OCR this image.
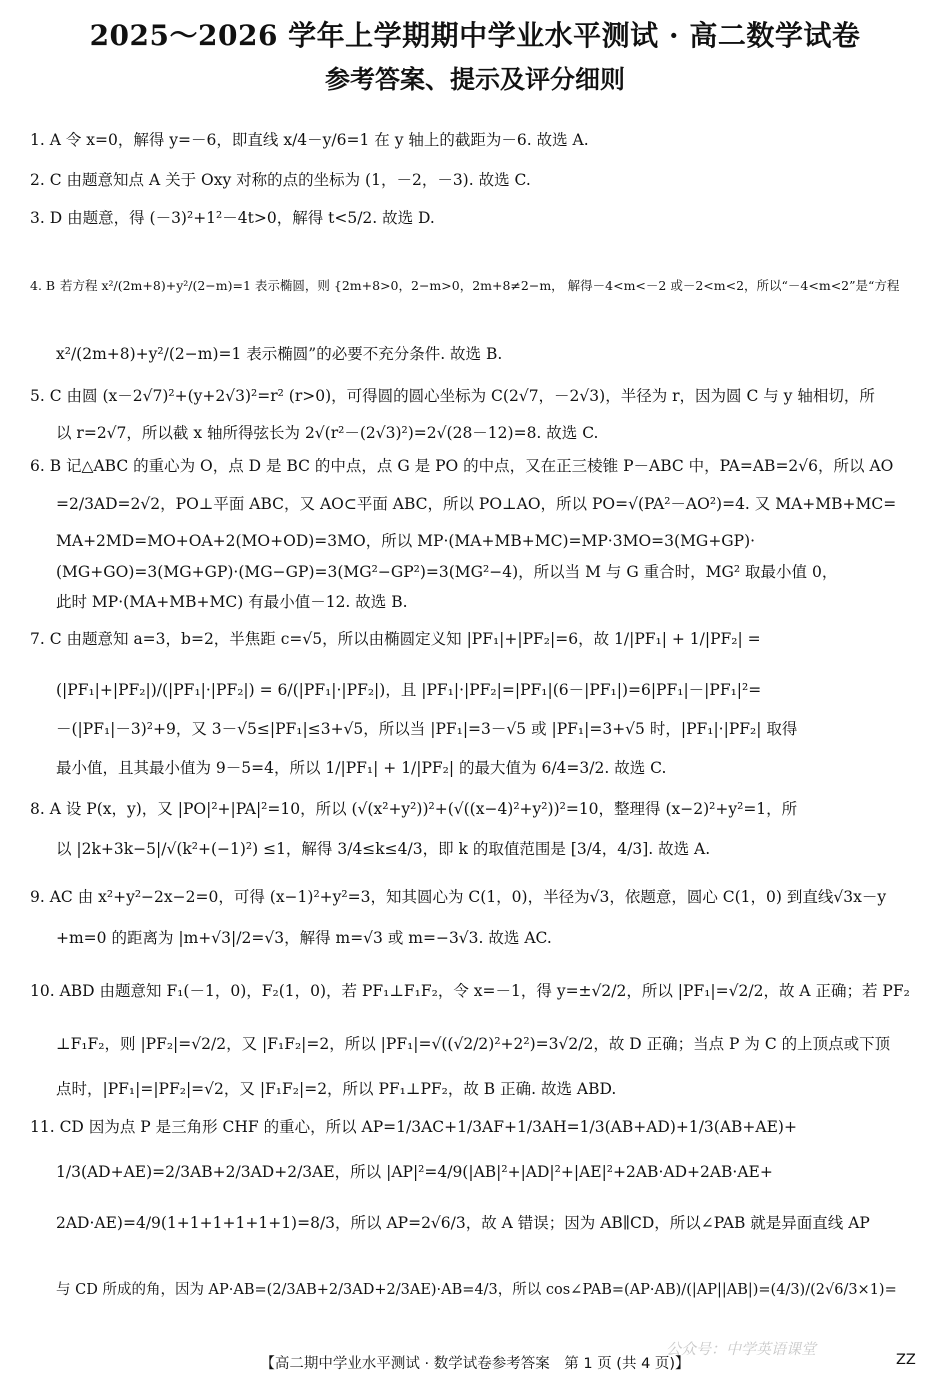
2025～2026 学年上学期期中学业水平测试 · 高二数学试卷
参考答案、提示及评分细则
1. A 令 x=0，解得 y=－6，即直线 x/4－y/6=1 在 y 轴上的截距为－6. 故选 A.
2. C 由题意知点 A 关于 Oxy 对称的点的坐标为 (1，－2，－3). 故选 C.
3. D 由题意，得 (－3)²+1²－4t>0，解得 t<5/2. 故选 D.
4. B 若方程 x²/(2m+8)+y²/(2−m)=1 表示椭圆，则 {2m+8>0，2−m>0，2m+8≠2−m， 解得－4<m<－2 或－2<m<2，所以“－4<m<2”是“方程
x²/(2m+8)+y²/(2−m)=1 表示椭圆”的必要不充分条件. 故选 B.
5. C 由圆 (x－2√7)²+(y+2√3)²=r² (r>0)，可得圆的圆心坐标为 C(2√7，－2√3)，半径为 r，因为圆 C 与 y 轴相切，所
以 r=2√7，所以截 x 轴所得弦长为 2√(r²－(2√3)²)=2√(28－12)=8. 故选 C.
6. B 记△ABC 的重心为 O，点 D 是 BC 的中点，点 G 是 PO 的中点，又在正三棱锥 P－ABC 中，PA=AB=2√6，所以 AO
=2/3AD=2√2，PO⊥平面 ABC，又 AO⊂平面 ABC，所以 PO⊥AO，所以 PO=√(PA²－AO²)=4. 又 MA+MB+MC=
MA+2MD=MO+OA+2(MO+OD)=3MO，所以 MP·(MA+MB+MC)=MP·3MO=3(MG+GP)·
(MG+GO)=3(MG+GP)·(MG−GP)=3(MG²−GP²)=3(MG²−4)，所以当 M 与 G 重合时，MG² 取最小值 0，
此时 MP·(MA+MB+MC) 有最小值－12. 故选 B.
7. C 由题意知 a=3，b=2，半焦距 c=√5，所以由椭圆定义知 |PF₁|+|PF₂|=6，故 1/|PF₁| + 1/|PF₂| =
(|PF₁|+|PF₂|)/(|PF₁|·|PF₂|) = 6/(|PF₁|·|PF₂|)，且 |PF₁|·|PF₂|=|PF₁|(6－|PF₁|)=6|PF₁|－|PF₁|²=
－(|PF₁|－3)²+9，又 3－√5≤|PF₁|≤3+√5，所以当 |PF₁|=3－√5 或 |PF₁|=3+√5 时，|PF₁|·|PF₂| 取得
最小值，且其最小值为 9－5=4，所以 1/|PF₁| + 1/|PF₂| 的最大值为 6/4=3/2. 故选 C.
8. A 设 P(x，y)，又 |PO|²+|PA|²=10，所以 (√(x²+y²))²+(√((x−4)²+y²))²=10，整理得 (x−2)²+y²=1，所
以 |2k+3k−5|/√(k²+(−1)²) ≤1，解得 3/4≤k≤4/3，即 k 的取值范围是 [3/4，4/3]. 故选 A.
9. AC 由 x²+y²−2x−2=0，可得 (x−1)²+y²=3，知其圆心为 C(1，0)，半径为√3，依题意，圆心 C(1，0) 到直线√3x－y
+m=0 的距离为 |m+√3|/2=√3，解得 m=√3 或 m=−3√3. 故选 AC.
10. ABD 由题意知 F₁(－1，0)，F₂(1，0)，若 PF₁⊥F₁F₂，令 x=－1，得 y=±√2/2，所以 |PF₁|=√2/2，故 A 正确；若 PF₂
⊥F₁F₂，则 |PF₂|=√2/2，又 |F₁F₂|=2，所以 |PF₁|=√((√2/2)²+2²)=3√2/2，故 D 正确；当点 P 为 C 的上顶点或下顶
点时，|PF₁|=|PF₂|=√2，又 |F₁F₂|=2，所以 PF₁⊥PF₂，故 B 正确. 故选 ABD.
11. CD 因为点 P 是三角形 CHF 的重心，所以 AP=1/3AC+1/3AF+1/3AH=1/3(AB+AD)+1/3(AB+AE)+
1/3(AD+AE)=2/3AB+2/3AD+2/3AE，所以 |AP|²=4/9(|AB|²+|AD|²+|AE|²+2AB·AD+2AB·AE+
2AD·AE)=4/9(1+1+1+1+1+1)=8/3，所以 AP=2√6/3，故 A 错误；因为 AB∥CD，所以∠PAB 就是异面直线 AP
与 CD 所成的角，因为 AP·AB=(2/3AB+2/3AD+2/3AE)·AB=4/3，所以 cos∠PAB=(AP·AB)/(|AP||AB|)=(4/3)/(2√6/3×1)=
公众号：中学英语课堂
【高二期中学业水平测试 · 数学试卷参考答案　第 1 页 (共 4 页)】	ZZ
